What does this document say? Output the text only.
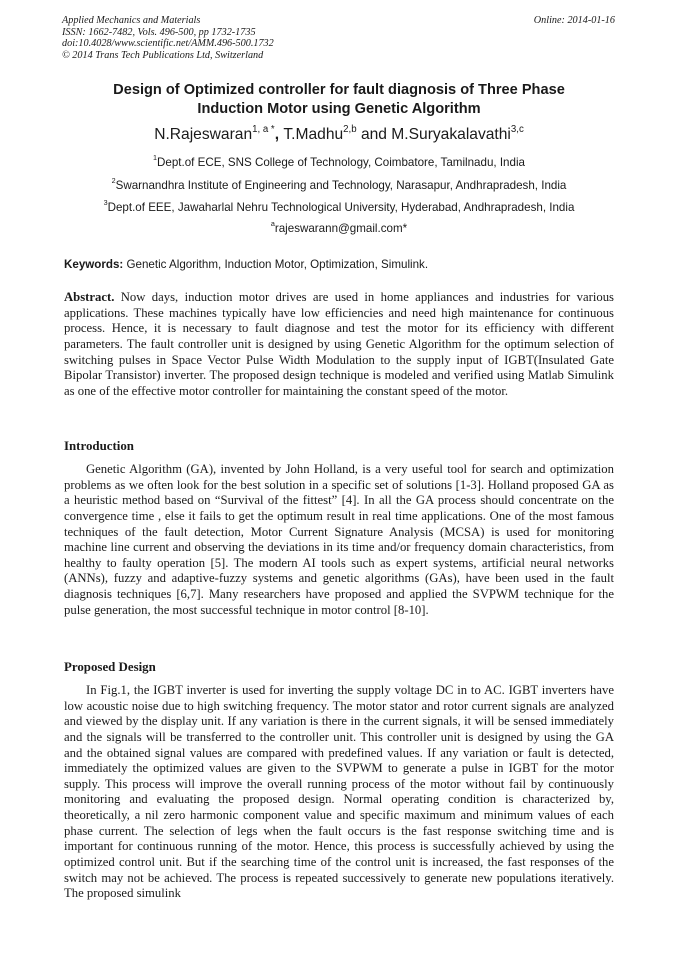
Applied Mechanics and Materials
ISSN: 1662-7482, Vols. 496-500, pp 1732-1735
doi:10.4028/www.scientific.net/AMM.496-500.1732
© 2014 Trans Tech Publications Ltd, Switzerland
Online: 2014-01-16
Design of Optimized controller for fault diagnosis of Three Phase
Induction Motor using Genetic Algorithm
N.Rajeswaran$^{1, a *}$, T.Madhu$^{2,b}$ and M.Suryakalavathi$^{3,c}$
$^1$Dept.of ECE, SNS College of Technology, Coimbatore, Tamilnadu, India
$^2$Swarnandhra Institute of Engineering and Technology, Narasapur, Andhrapradesh, India
$^3$Dept.of EEE, Jawaharlal Nehru Technological University, Hyderabad, Andhrapradesh, India
$^a$rajeswarann@gmail.com*
Keywords: Genetic Algorithm, Induction Motor, Optimization, Simulink.
Abstract. Now days, induction motor drives are used in home appliances and industries for various applications. These machines typically have low efficiencies and need high maintenance for continuous process. Hence, it is necessary to fault diagnose and test the motor for its efficiency with different parameters. The fault controller unit is designed by using Genetic Algorithm for the optimum selection of switching pulses in Space Vector Pulse Width Modulation to the supply input of IGBT(Insulated Gate Bipolar Transistor) inverter. The proposed design technique is modeled and verified using Matlab Simulink as one of the effective motor controller for maintaining the constant speed of the motor.
Introduction
Genetic Algorithm (GA), invented by John Holland, is a very useful tool for search and optimization problems as we often look for the best solution in a specific set of solutions [1-3]. Holland proposed GA as a heuristic method based on “Survival of the fittest” [4]. In all the GA process should concentrate on the convergence time , else it fails to get the optimum result in real time applications. One of the most famous techniques of the fault detection, Motor Current Signature Analysis (MCSA) is used for monitoring machine line current and observing the deviations in its time and/or frequency domain characteristics, from healthy to faulty operation [5]. The modern AI tools such as expert systems, artificial neural networks (ANNs), fuzzy and adaptive-fuzzy systems and genetic algorithms (GAs), have been used in the fault diagnosis techniques [6,7]. Many researchers have proposed and applied the SVPWM technique for the pulse generation, the most successful technique in motor control [8-10].
Proposed Design
In Fig.1, the IGBT inverter is used for inverting the supply voltage DC in to AC. IGBT inverters have low acoustic noise due to high switching frequency. The motor stator and rotor current signals are analyzed and viewed by the display unit. If any variation is there in the current signals, it will be sensed immediately and the signals will be transferred to the controller unit. This controller unit is designed by using the GA and the obtained signal values are compared with predefined values. If any variation or fault is detected, immediately the optimized values are given to the SVPWM to generate a pulse in IGBT for the motor supply. This process will improve the overall running process of the motor without fail by continuously monitoring and evaluating the proposed design. Normal operating condition is characterized by, theoretically, a nil zero harmonic component value and specific maximum and minimum values of each phase current. The selection of legs when the fault occurs is the fast response switching time and is important for continuous running of the motor. Hence, this process is successfully achieved by using the optimized control unit. But if the searching time of the control unit is increased, the fast responses of the switch may not be achieved. The process is repeated successively to generate new populations iteratively. The proposed simulink
